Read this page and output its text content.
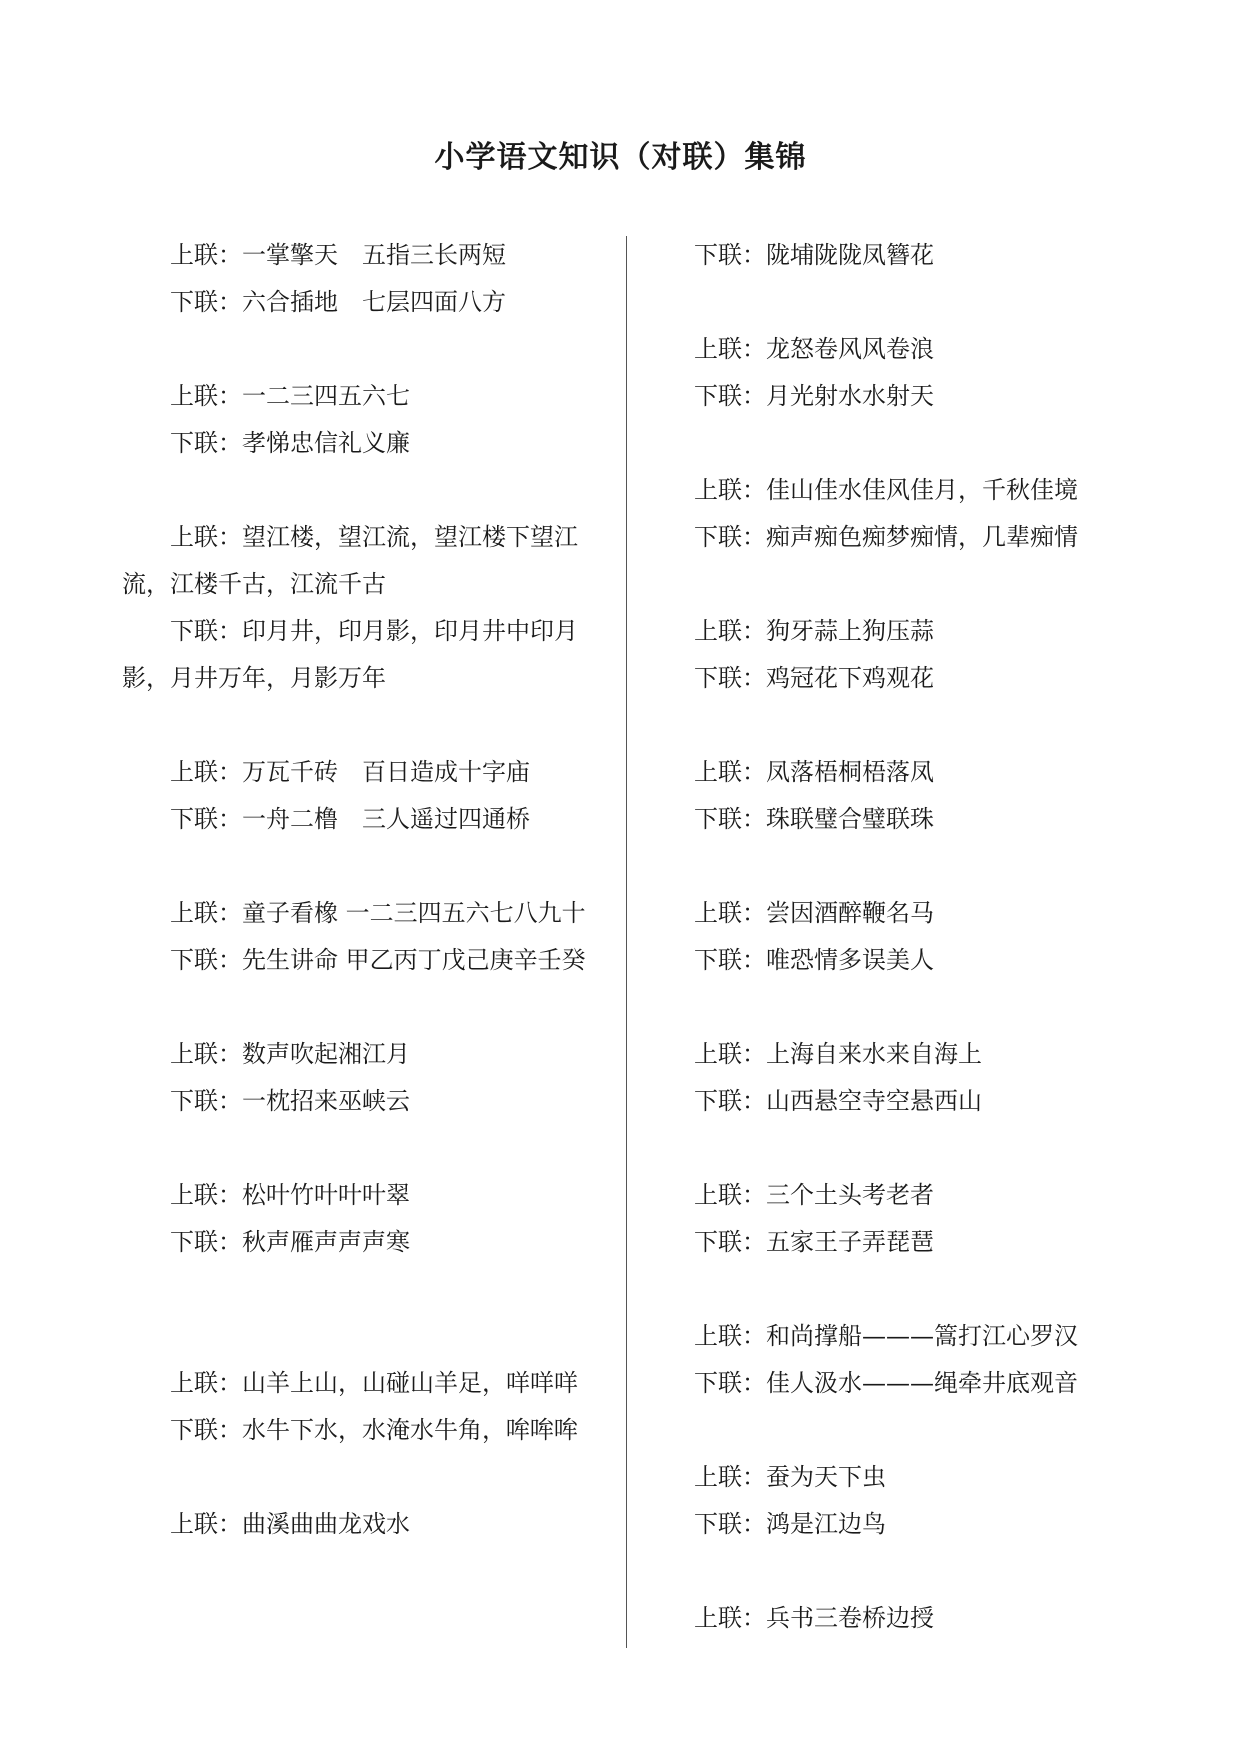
小学语文知识（对联）集锦

上联：一掌擎天　五指三长两短

下联：六合插地　七层四面八方

上联：一二三四五六七

下联：孝悌忠信礼义廉

上联：望江楼，望江流，望江楼下望江流，江楼千古，江流千古

下联：印月井，印月影，印月井中印月影，月井万年，月影万年

上联：万瓦千砖　百日造成十字庙

下联：一舟二橹　三人遥过四通桥

上联：童子看橡 一二三四五六七八九十

下联：先生讲命 甲乙丙丁戊己庚辛壬癸

上联：数声吹起湘江月

下联：一枕招来巫峡云

上联：松叶竹叶叶叶翠

下联：秋声雁声声声寒

上联：山羊上山，山碰山羊足，咩咩咩

下联：水牛下水，水淹水牛角，哞哞哞

上联：曲溪曲曲龙戏水

下联：陇埔陇陇凤簪花

上联：龙怒卷风风卷浪

下联：月光射水水射天

上联：佳山佳水佳风佳月，千秋佳境

下联：痴声痴色痴梦痴情，几辈痴情

上联：狗牙蒜上狗压蒜

下联：鸡冠花下鸡观花

上联：凤落梧桐梧落凤

下联：珠联璧合璧联珠

上联：尝因酒醉鞭名马

下联：唯恐情多误美人

上联：上海自来水来自海上

下联：山西悬空寺空悬西山

上联：三个土头考老者

下联：五家王子弄琵琶

上联：和尚撑船———篙打江心罗汉

下联：佳人汲水———绳牵井底观音

上联：蚕为天下虫

下联：鸿是江边鸟

上联：兵书三卷桥边授
